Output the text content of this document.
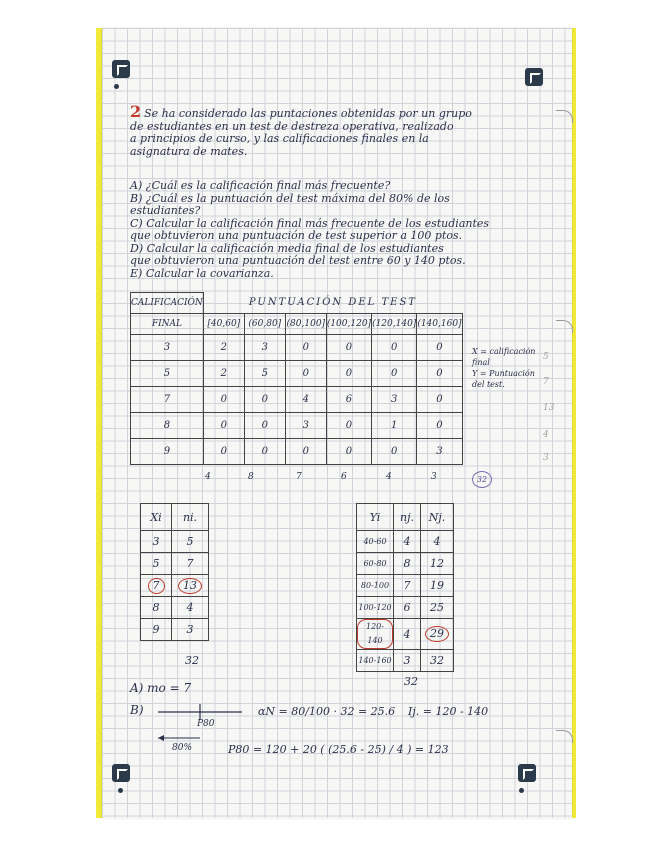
2 Se ha considerado las puntaciones obtenidas por un grupo
de estudiantes en un test de destreza operativa, realizado
a principios de curso, y las calificaciones finales en la
asignatura de mates.
A) ¿Cuál es la calificación final más frecuente?
B) ¿Cuál es la puntuación del test máxima del 80% de los
estudiantes?
C) Calcular la calificación final más frecuente de los estudiantes
que obtuvieron una puntuación de test superior a 100 ptos.
D) Calcular la calificación media final de los estudiantes
que obtuvieron una puntuación del test entre 60 y 140 ptos.
E) Calcular la covarianza.
CALIFICACIÓN	PUNTUACIÓN DEL TEST					
FINAL	[40,60]	(60,80]	(80,100]	(100,120]	(120,140]	(140,160]
3	2	3	0	0	0	0
5	2	5	0	0	0	0
7	0	0	4	6	3	0
8	0	0	3	0	1	0
9	0	0	0	0	0	3
4	8	7	6	4	3	32
X = calificación
final
Y = Puntuación
del test.
5
7
13
4
3
Xi	ni.
3	5
5	7
7	13
8	4
9	3
32
Yi	nj.	Nj.
40-60	4	4
60-80	8	12
80-100	7	19
100-120	6	25
120-140	4	29
140-160	3	32
32
A) mo = 7
B)
P80
80%
αN = 80/100 · 32 = 25.6 Ij. = 120 - 140
P80 = 120 + 20 ( (25.6 - 25) / 4 ) = 123
